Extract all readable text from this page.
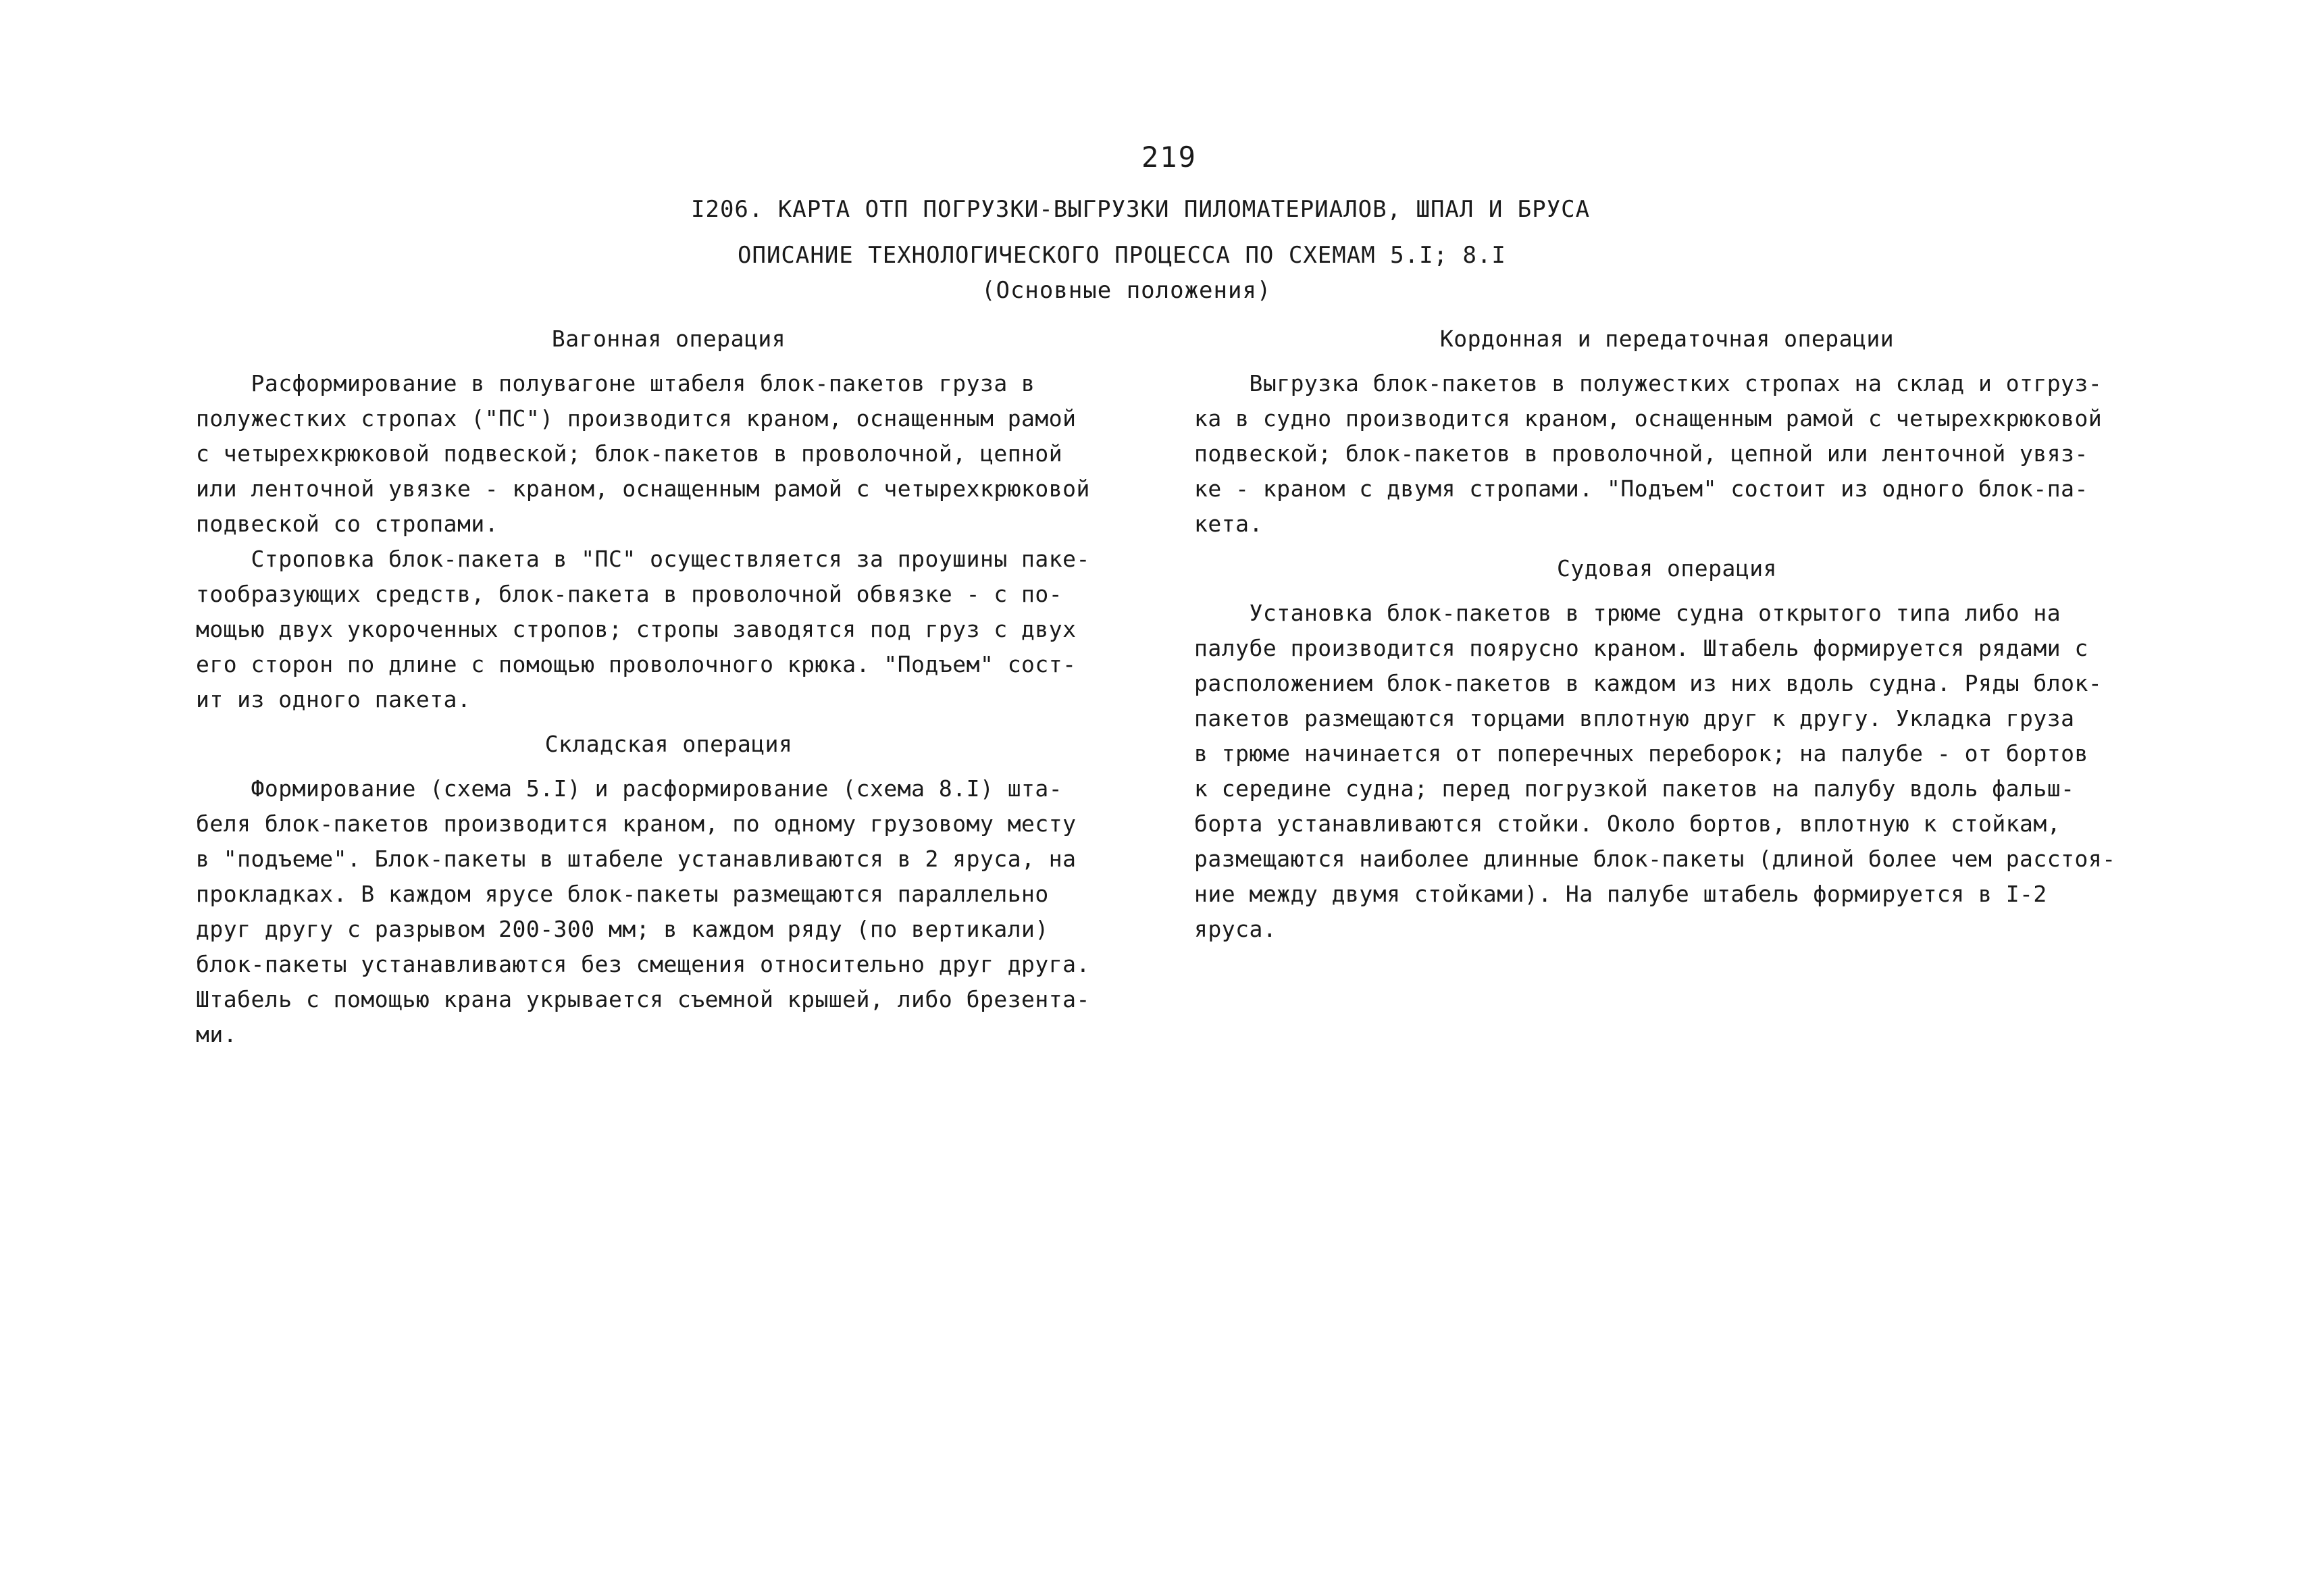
219
I206. КАРТА ОТП ПОГРУЗКИ-ВЫГРУЗКИ ПИЛОМАТЕРИАЛОВ, ШПАЛ И БРУСА
ОПИСАНИЕ ТЕХНОЛОГИЧЕСКОГО ПРОЦЕССА ПО СХЕМАМ 5.I; 8.I
(Основные положения)
Вагонная операция
Расформирование в полувагоне штабеля блок-пакетов груза в
полужестких стропах ("ПС") производится краном, оснащенным рамой
с четырехкрюковой подвеской; блок-пакетов в проволочной, цепной
или ленточной увязке - краном, оснащенным рамой с четырехкрюковой
подвеской со стропами.
Строповка блок-пакета в "ПС" осуществляется за проушины пакe-
тообразующих средств, блок-пакета в проволочной обвязке - с по-
мощью двух укороченных стропов; стропы заводятся под груз с двух
его сторон по длине с помощью проволочного крюка. "Подъем" сост-
ит из одного пакета.
Складская операция
Формирование (схема 5.I) и расформирование (схема 8.I) шта-
беля блок-пакетов производится краном, по одному грузовому месту
в "подъеме". Блок-пакеты в штабеле устанавливаются в 2 яруса, на
прокладках. В каждом ярусе блок-пакеты размещаются параллельно
друг другу с разрывом 200-300 мм; в каждом ряду (по вертикали)
блок-пакеты устанавливаются без смещения относительно друг друга.
Штабель с помощью крана укрывается съемной крышей, либо брезента-
ми.
Кордонная и передаточная операции
Выгрузка блок-пакетов в полужестких стропах на склад и отгруз-
ка в судно производится краном, оснащенным рамой с четырехкрюковой
подвеской; блок-пакетов в проволочной, цепной или ленточной увяз-
ке - краном с двумя стропами. "Подъем" состоит из одного блок-па-
кета.
Судовая операция
Установка блок-пакетов в трюме судна открытого типа либо на
палубе производится поярусно краном. Штабель формируется рядами с
расположением блок-пакетов в каждом из них вдоль судна. Ряды блок-
пакетов размещаются торцами вплотную друг к другу. Укладка груза
в трюме начинается от поперечных переборок; на палубе - от бортов
к середине судна; перед погрузкой пакетов на палубу вдоль фальш-
борта устанавливаются стойки. Около бортов, вплотную к стойкам,
размещаются наиболее длинные блок-пакеты (длиной более чем расстоя-
ние между двумя стойками). На палубе штабель формируется в I-2
яруса.
